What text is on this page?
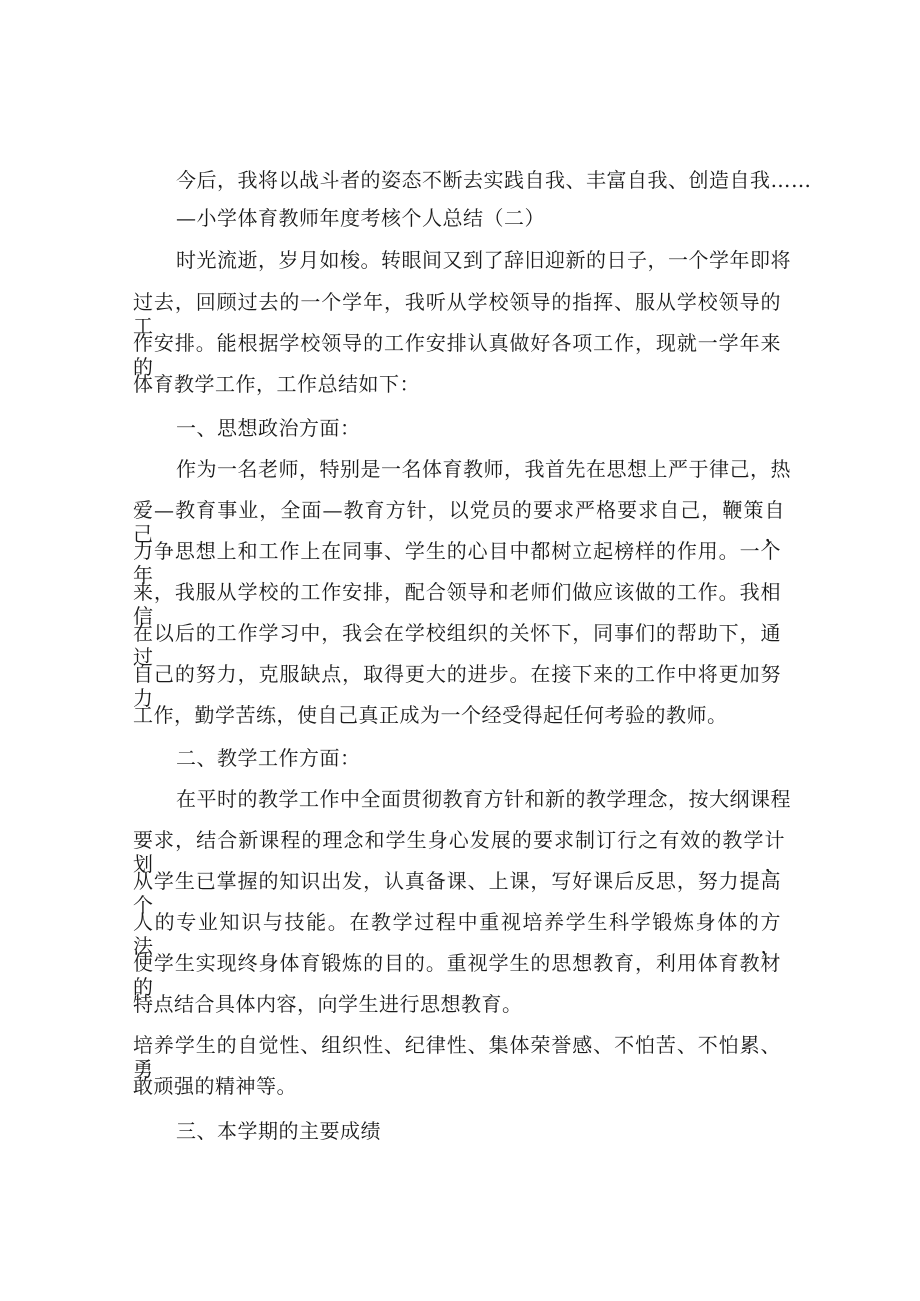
今后，我将以战斗者的姿态不断去实践自我、丰富自我、创造自我……
—小学体育教师年度考核个人总结（二）
时光流逝，岁月如梭。转眼间又到了辞旧迎新的日子，一个学年即将
过去，回顾过去的一个学年，我听从学校领导的指挥、服从学校领导的工
作安排。能根据学校领导的工作安排认真做好各项工作，现就一学年来的
体育教学工作，工作总结如下：
一、思想政治方面：
作为一名老师，特别是一名体育教师，我首先在思想上严于律己，热
爱—教育事业，全面—教育方针，以党员的要求严格要求自己，鞭策自己，
力争思想上和工作上在同事、学生的心目中都树立起榜样的作用。一个年
来，我服从学校的工作安排，配合领导和老师们做应该做的工作。我相信
在以后的工作学习中，我会在学校组织的关怀下，同事们的帮助下，通过
自己的努力，克服缺点，取得更大的进步。在接下来的工作中将更加努力
工作，勤学苦练，使自己真正成为一个经受得起任何考验的教师。
二、教学工作方面：
在平时的教学工作中全面贯彻教育方针和新的教学理念，按大纲课程
要求，结合新课程的理念和学生身心发展的要求制订行之有效的教学计划，
从学生已掌握的知识出发，认真备课、上课，写好课后反思，努力提高个
人的专业知识与技能。在教学过程中重视培养学生科学锻炼身体的方法，
使学生实现终身体育锻炼的目的。重视学生的思想教育，利用体育教材的
特点结合具体内容，向学生进行思想教育。
培养学生的自觉性、组织性、纪律性、集体荣誉感、不怕苦、不怕累、勇
敢顽强的精神等。
三、本学期的主要成绩
